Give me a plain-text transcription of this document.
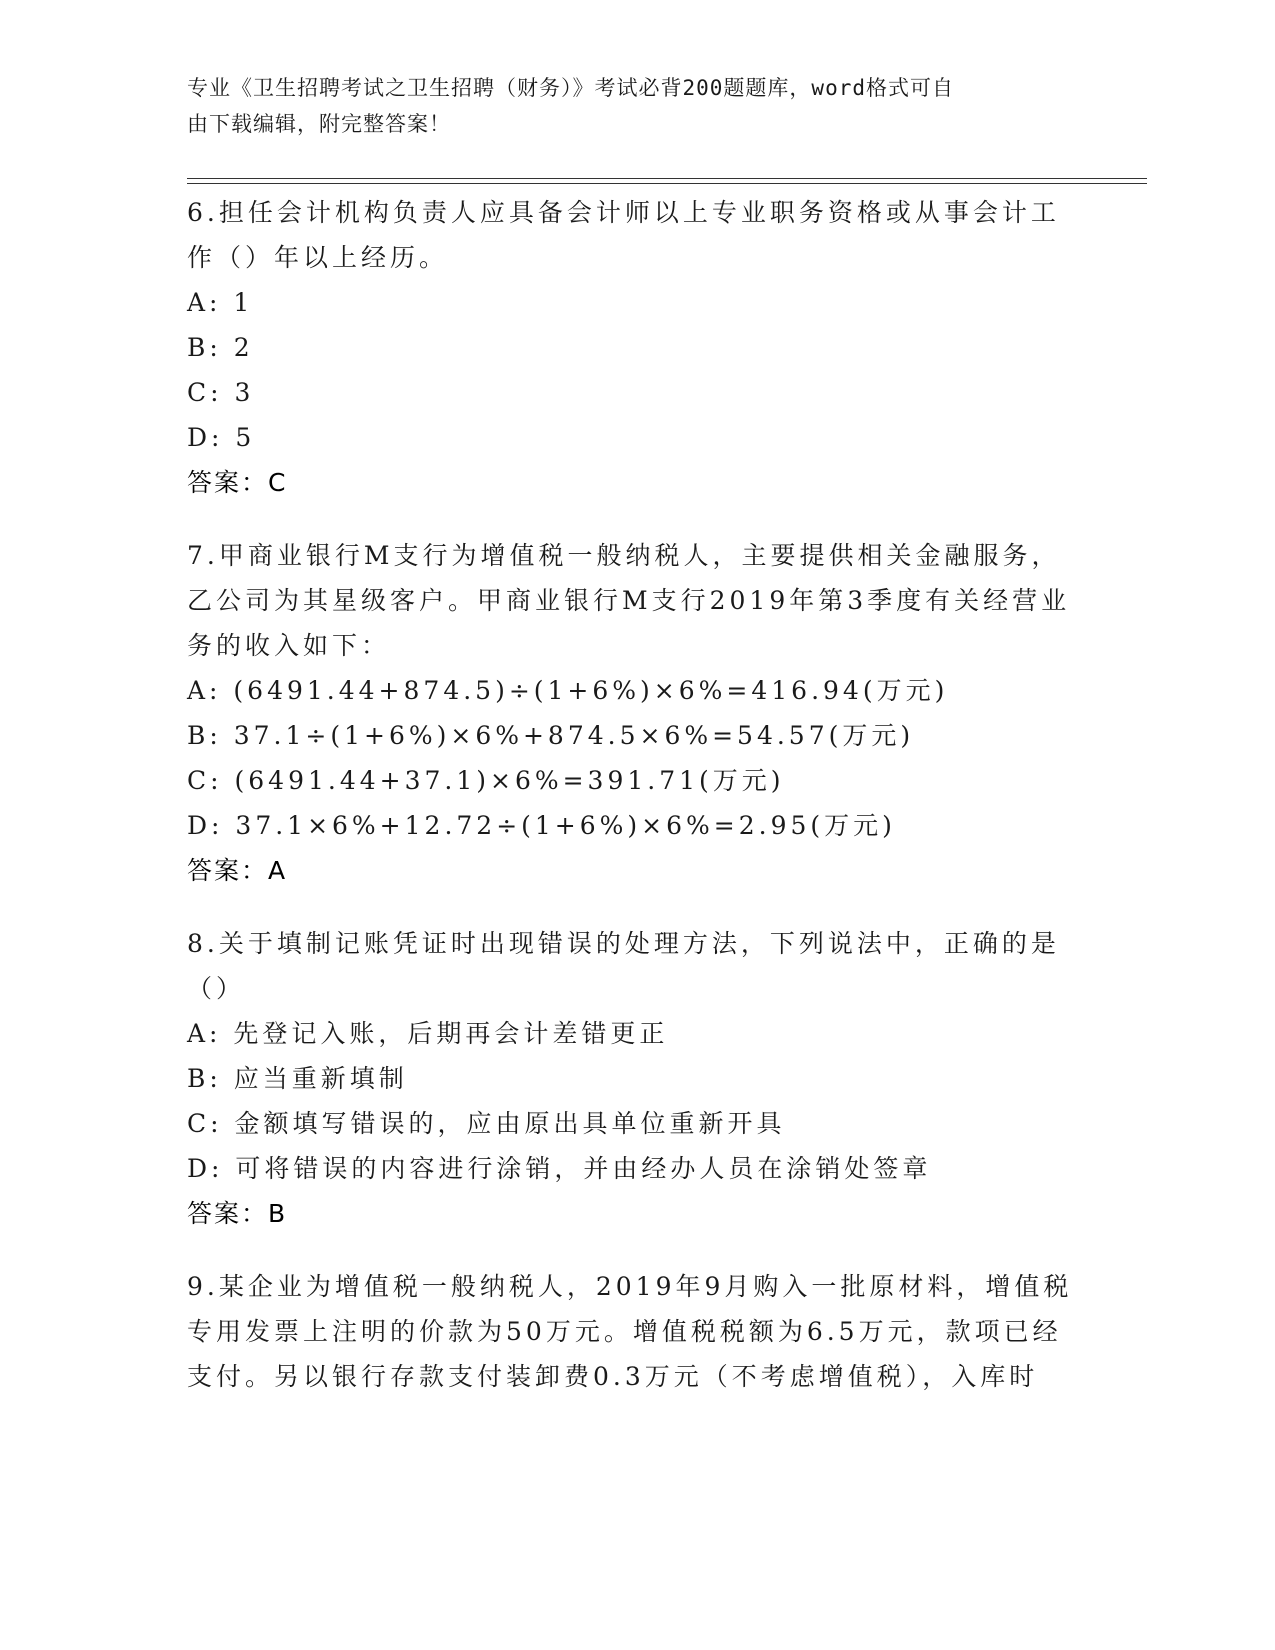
专业《卫生招聘考试之卫生招聘（财务）》考试必背200题题库，word格式可自
由下载编辑，附完整答案！
6.担任会计机构负责人应具备会计师以上专业职务资格或从事会计工
作（）年以上经历。
A: 1
B: 2
C: 3
D: 5
答案：C
7.甲商业银行M支行为增值税一般纳税人，主要提供相关金融服务，
乙公司为其星级客户。甲商业银行M支行2019年第3季度有关经营业
务的收入如下：
A: (6491.44+874.5)÷(1+6%)×6%=416.94(万元)
B: 37.1÷(1+6%)×6%+874.5×6%=54.57(万元)
C: (6491.44+37.1)×6%=391.71(万元)
D: 37.1×6%+12.72÷(1+6%)×6%=2.95(万元)
答案：A
8.关于填制记账凭证时出现错误的处理方法，下列说法中，正确的是
（）
A: 先登记入账，后期再会计差错更正
B: 应当重新填制
C: 金额填写错误的，应由原出具单位重新开具
D: 可将错误的内容进行涂销，并由经办人员在涂销处签章
答案：B
9.某企业为增值税一般纳税人，2019年9月购入一批原材料，增值税
专用发票上注明的价款为50万元。增值税税额为6.5万元，款项已经
支付。另以银行存款支付装卸费0.3万元（不考虑增值税），入库时
